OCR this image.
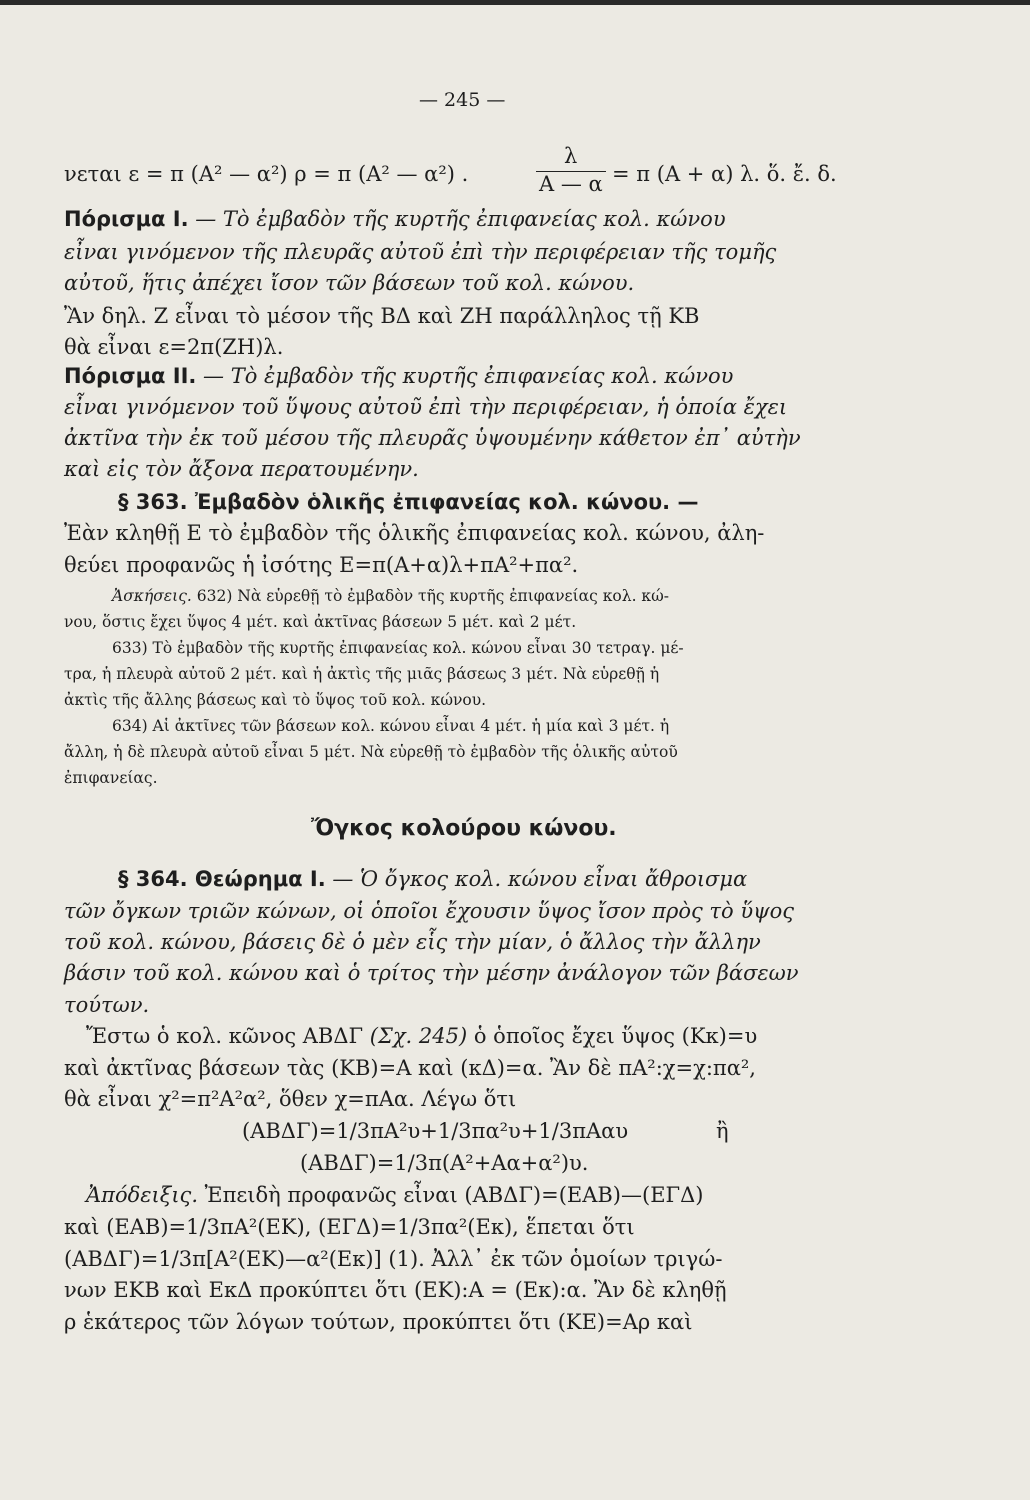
— 245 —
νεται ε = π (Α² — α²) ρ = π (Α² — α²) .
λ
Α — α = π (Α + α) λ. ὅ. ἔ. δ.
Πόρισμα Ι. — Τὸ ἐμβαδὸν τῆς κυρτῆς ἐπιφανείας κολ. κώνου
εἶναι γινόμενον τῆς πλευρᾶς αὐτοῦ ἐπὶ τὴν περιφέρειαν τῆς τομῆς
αὐτοῦ, ἥτις ἀπέχει ἴσον τῶν βάσεων τοῦ κολ. κώνου.
Ἂν δηλ. Ζ εἶναι τὸ μέσον τῆς ΒΔ καὶ ΖΗ παράλληλος τῇ ΚΒ
θὰ εἶναι ε=2π(ΖΗ)λ.
Πόρισμα ΙΙ. — Τὸ ἐμβαδὸν τῆς κυρτῆς ἐπιφανείας κολ. κώνου
εἶναι γινόμενον τοῦ ὕψους αὐτοῦ ἐπὶ τὴν περιφέρειαν, ἡ ὁποία ἔχει
ἀκτῖνα τὴν ἐκ τοῦ μέσου τῆς πλευρᾶς ὑψουμένην κάθετον ἐπ᾽ αὐτὴν
καὶ εἰς τὸν ἄξονα περατουμένην.
§ 363. Ἐμβαδὸν ὁλικῆς ἐπιφανείας κολ. κώνου. —
Ἐὰν κληθῇ Ε τὸ ἐμβαδὸν τῆς ὁλικῆς ἐπιφανείας κολ. κώνου, ἀλη-
θεύει προφανῶς ἡ ἰσότης Ε=π(Α+α)λ+πΑ²+πα².
Ἀσκήσεις. 632) Νὰ εὑρεθῇ τὸ ἐμβαδὸν τῆς κυρτῆς ἐπιφανείας κολ. κώ-
νου, ὅστις ἔχει ὕψος 4 μέτ. καὶ ἀκτῖνας βάσεων 5 μέτ. καὶ 2 μέτ.
633) Τὸ ἐμβαδὸν τῆς κυρτῆς ἐπιφανείας κολ. κώνου εἶναι 30 τετραγ. μέ-
τρα, ἡ πλευρὰ αὐτοῦ 2 μέτ. καὶ ἡ ἀκτὶς τῆς μιᾶς βάσεως 3 μέτ. Νὰ εὑρεθῇ ἡ
ἀκτὶς τῆς ἄλλης βάσεως καὶ τὸ ὕψος τοῦ κολ. κώνου.
634) Αἱ ἀκτῖνες τῶν βάσεων κολ. κώνου εἶναι 4 μέτ. ἡ μία καὶ 3 μέτ. ἡ
ἄλλη, ἡ δὲ πλευρὰ αὐτοῦ εἶναι 5 μέτ. Νὰ εὑρεθῇ τὸ ἐμβαδὸν τῆς ὁλικῆς αὐτοῦ
ἐπιφανείας.
Ὄγκος κολούρου κώνου.
§ 364. Θεώρημα Ι. — Ὁ ὄγκος κολ. κώνου εἶναι ἄθροισμα
τῶν ὄγκων τριῶν κώνων, οἱ ὁποῖοι ἔχουσιν ὕψος ἴσον πρὸς τὸ ὕψος
τοῦ κολ. κώνου, βάσεις δὲ ὁ μὲν εἷς τὴν μίαν, ὁ ἄλλος τὴν ἄλλην
βάσιν τοῦ κολ. κώνου καὶ ὁ τρίτος τὴν μέσην ἀνάλογον τῶν βάσεων
τούτων.
Ἔστω ὁ κολ. κῶνος ΑΒΔΓ (Σχ. 245) ὁ ὁποῖος ἔχει ὕψος (Κκ)=υ
καὶ ἀκτῖνας βάσεων τὰς (ΚΒ)=Α καὶ (κΔ)=α. Ἂν δὲ πΑ²:χ=χ:πα²,
θὰ εἶναι χ²=π²Α²α², ὅθεν χ=πΑα. Λέγω ὅτι
(ΑΒΔΓ)=1/3πΑ²υ+1/3πα²υ+1/3πΑαυ	ἢ
(ΑΒΔΓ)=1/3π(Α²+Αα+α²)υ.
Ἀπόδειξις. Ἐπειδὴ προφανῶς εἶναι (ΑΒΔΓ)=(ΕΑΒ)—(ΕΓΔ)
καὶ (ΕΑΒ)=1/3πΑ²(ΕΚ), (ΕΓΔ)=1/3πα²(Εκ), ἕπεται ὅτι
(ΑΒΔΓ)=1/3π[Α²(ΕΚ)—α²(Εκ)] (1). Ἀλλ᾽ ἐκ τῶν ὁμοίων τριγώ-
νων ΕΚΒ καὶ ΕκΔ προκύπτει ὅτι (ΕΚ):Α = (Εκ):α. Ἂν δὲ κληθῇ
ρ ἑκάτερος τῶν λόγων τούτων, προκύπτει ὅτι (ΚΕ)=Αρ καὶ
